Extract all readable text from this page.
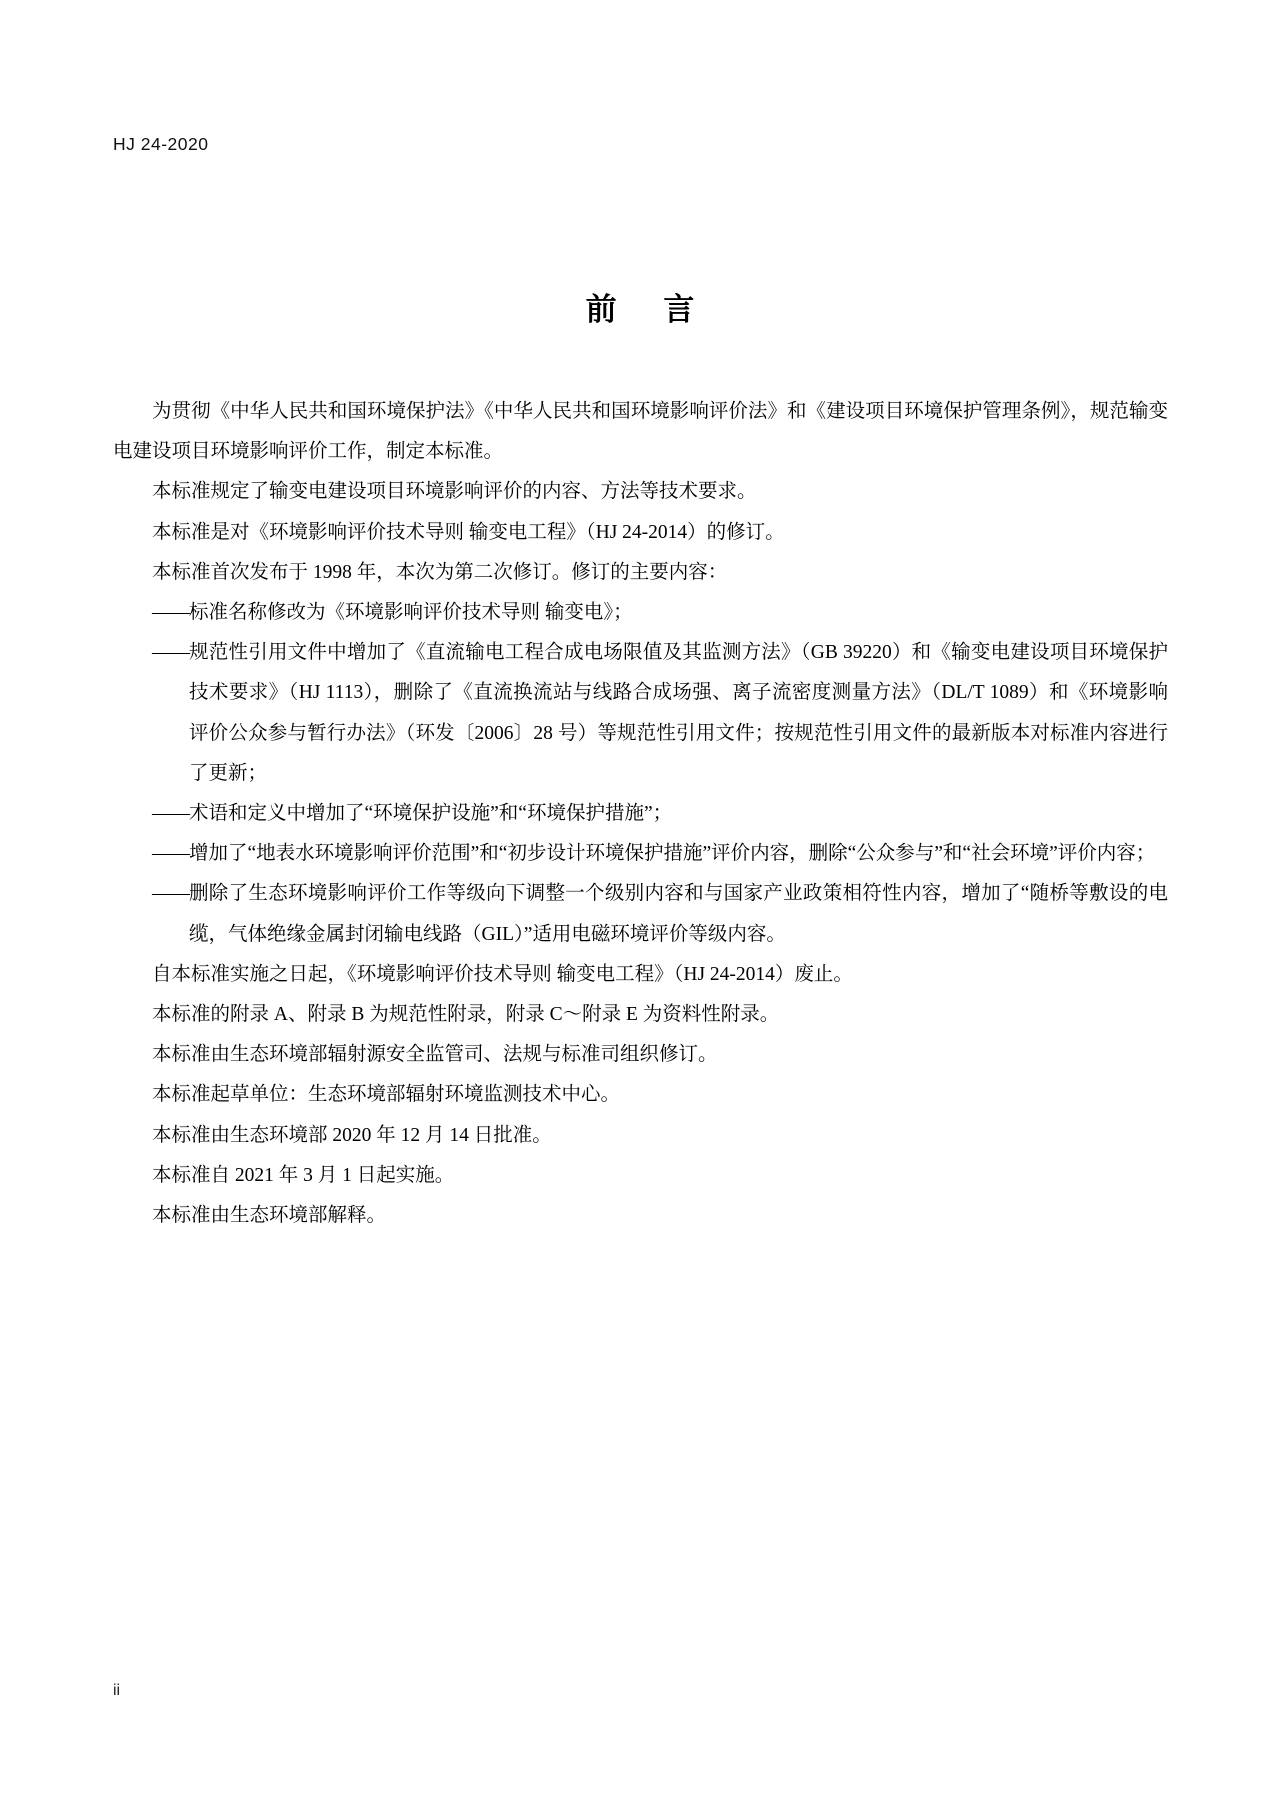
HJ 24-2020
前 言

为贯彻《中华人民共和国环境保护法》《中华人民共和国环境影响评价法》和《建设项目环境保护管理条例》，规范输变电建设项目环境影响评价工作，制定本标准。

本标准规定了输变电建设项目环境影响评价的内容、方法等技术要求。

本标准是对《环境影响评价技术导则 输变电工程》（HJ 24-2014）的修订。

本标准首次发布于 1998 年，本次为第二次修订。修订的主要内容：

—— 标准名称修改为《环境影响评价技术导则 输变电》；
—— 规范性引用文件中增加了《直流输电工程合成电场限值及其监测方法》（GB 39220）和《输变电建设项目环境保护技术要求》（HJ 1113），删除了《直流换流站与线路合成场强、离子流密度测量方法》（DL/T 1089）和《环境影响评价公众参与暂行办法》（环发〔2006〕28 号）等规范性引用文件；按规范性引用文件的最新版本对标准内容进行了更新；
—— 术语和定义中增加了“环境保护设施”和“环境保护措施”；
—— 增加了“地表水环境影响评价范围”和“初步设计环境保护措施”评价内容，删除“公众参与”和“社会环境”评价内容；
—— 删除了生态环境影响评价工作等级向下调整一个级别内容和与国家产业政策相符性内容，增加了“随桥等敷设的电缆，气体绝缘金属封闭输电线路（GIL）”适用电磁环境评价等级内容。

自本标准实施之日起，《环境影响评价技术导则 输变电工程》（HJ 24-2014）废止。

本标准的附录 A、附录 B 为规范性附录，附录 C～附录 E 为资料性附录。

本标准由生态环境部辐射源安全监管司、法规与标准司组织修订。

本标准起草单位：生态环境部辐射环境监测技术中心。

本标准由生态环境部 2020 年 12 月 14 日批准。

本标准自 2021 年 3 月 1 日起实施。

本标准由生态环境部解释。

ii
